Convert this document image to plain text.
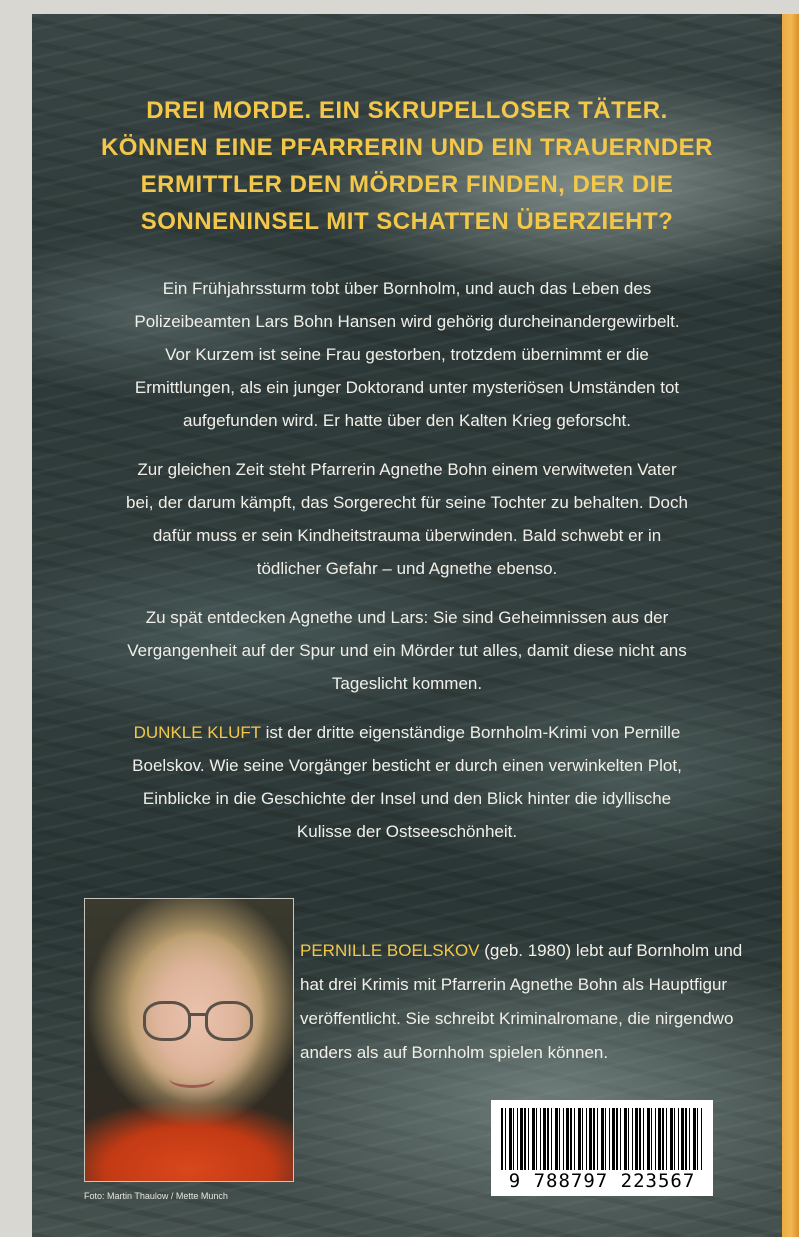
DREI MORDE. EIN SKRUPELLOSER TÄTER.
KÖNNEN EINE PFARRERIN UND EIN TRAUERNDER
ERMITTLER DEN MÖRDER FINDEN, DER DIE
SONNENINSEL MIT SCHATTEN ÜBERZIEHT?

Ein Frühjahrssturm tobt über Bornholm, und auch das Leben des Polizeibeamten Lars Bohn Hansen wird gehörig durcheinandergewirbelt. Vor Kurzem ist seine Frau gestorben, trotzdem übernimmt er die Ermittlungen, als ein junger Doktorand unter mysteriösen Umständen tot aufgefunden wird. Er hatte über den Kalten Krieg geforscht.

Zur gleichen Zeit steht Pfarrerin Agnethe Bohn einem verwitweten Vater bei, der darum kämpft, das Sorgerecht für seine Tochter zu behalten. Doch dafür muss er sein Kindheitstrauma überwinden. Bald schwebt er in tödlicher Gefahr – und Agnethe ebenso.

Zu spät entdecken Agnethe und Lars: Sie sind Geheimnissen aus der Vergangenheit auf der Spur und ein Mörder tut alles, damit diese nicht ans Tageslicht kommen.

DUNKLE KLUFT ist der dritte eigenständige Bornholm-Krimi von Pernille Boelskov. Wie seine Vorgänger besticht er durch einen verwinkelten Plot, Einblicke in die Geschichte der Insel und den Blick hinter die idyllische Kulisse der Ostseeschönheit.

Foto: Martin Thaulow / Mette Munch
PERNILLE BOELSKOV (geb. 1980) lebt auf Bornholm und
hat drei Krimis mit Pfarrerin Agnethe Bohn als Hauptfigur
veröffentlicht. Sie schreibt Kriminalromane, die nirgendwo
anders als auf Bornholm spielen können.
9 788797 223567
